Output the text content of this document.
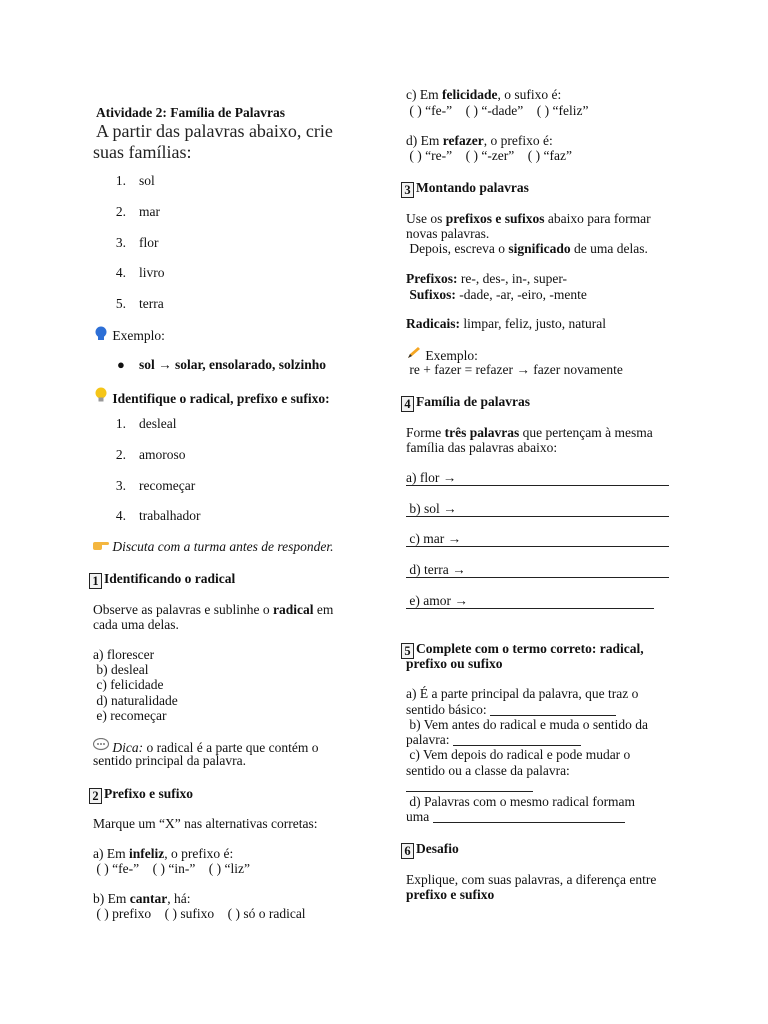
Atividade 2: Família de Palavras
A partir das palavras abaixo, crie
suas famílias:
1. sol
2. mar
3. flor
4. livro
5. terra
Exemplo:
● sol → solar, ensolarado, solzinho
Identifique o radical, prefixo e sufixo:
1. desleal
2. amoroso
3. recomeçar
4. trabalhador
Discuta com a turma antes de responder.
1 Identificando o radical
Observe as palavras e sublinhe o radical em
cada uma delas.
a) florescer
b) desleal
c) felicidade
d) naturalidade
e) recomeçar
Dica: o radical é a parte que contém o
sentido principal da palavra.
2 Prefixo e sufixo
Marque um “X” nas alternativas corretas:
a) Em infeliz, o prefixo é:
( ) “fe-”    ( ) “in-”    ( ) “liz”
b) Em cantar, há:
( ) prefixo    ( ) sufixo    ( ) só o radical
c) Em felicidade, o sufixo é:
( ) “fe-”    ( ) “-dade”    ( ) “feliz”
d) Em refazer, o prefixo é:
( ) “re-”    ( ) “-zer”    ( ) “faz”
3 Montando palavras
Use os prefixos e sufixos abaixo para formar
novas palavras.
Depois, escreva o significado de uma delas.
Prefixos: re-, des-, in-, super-
Sufixos: -dade, -ar, -eiro, -mente
Radicais: limpar, feliz, justo, natural
Exemplo:
re + fazer = refazer → fazer novamente
4 Família de palavras
Forme três palavras que pertençam à mesma
família das palavras abaixo:
a) flor →
b) sol →
c) mar →
d) terra →
e) amor →
5 Complete com o termo correto: radical,
prefixo ou sufixo
a) É a parte principal da palavra, que traz o
sentido básico:
b) Vem antes do radical e muda o sentido da
palavra:
c) Vem depois do radical e pode mudar o
sentido ou a classe da palavra:
d) Palavras com o mesmo radical formam
uma
6 Desafio
Explique, com suas palavras, a diferença entre
prefixo e sufixo
